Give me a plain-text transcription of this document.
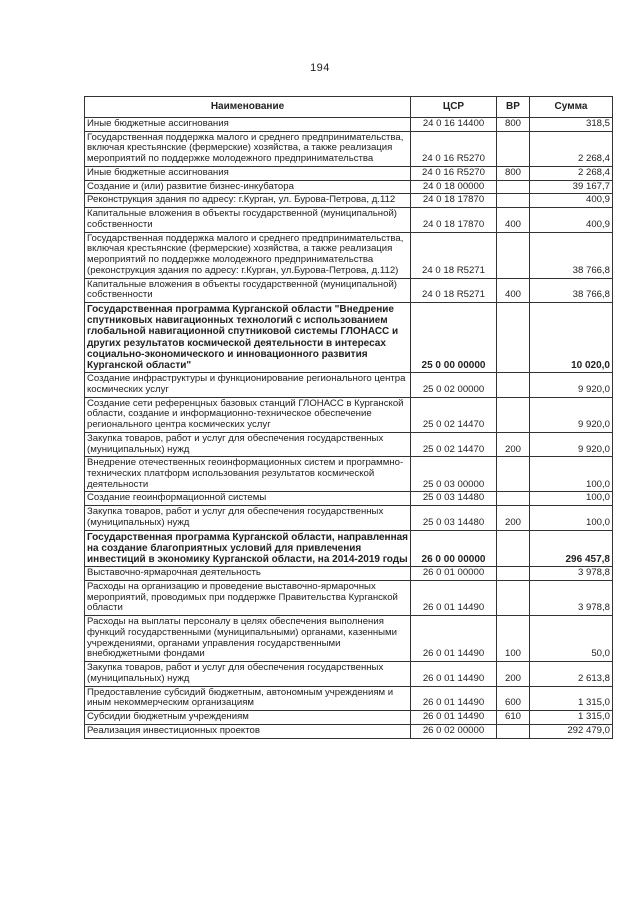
194
Наименование	ЦСР	ВР	Сумма
Иные бюджетные ассигнования	24 0 16 14400	800	318,5
Государственная поддержка малого и среднего предпринимательства, включая крестьянские (фермерские) хозяйства, а также реализация мероприятий по поддержке молодежного предпринимательства	24 0 16 R5270		2 268,4
Иные бюджетные ассигнования	24 0 16 R5270	800	2 268,4
Создание и (или) развитие бизнес-инкубатора	24 0 18 00000		39 167,7
Реконструкция здания по адресу: г.Курган, ул. Бурова-Петрова, д.112	24 0 18 17870		400,9
Капитальные вложения в объекты государственной (муниципальной) собственности	24 0 18 17870	400	400,9
Государственная поддержка малого и среднего предпринимательства, включая крестьянские (фермерские) хозяйства, а также реализация мероприятий по поддержке молодежного предпринимательства (реконструкция здания по адресу: г.Курган, ул.Бурова-Петрова, д.112)	24 0 18 R5271		38 766,8
Капитальные вложения в объекты государственной (муниципальной) собственности	24 0 18 R5271	400	38 766,8
Государственная программа Курганской области "Внедрение спутниковых навигационных технологий с использованием глобальной навигационной спутниковой системы ГЛОНАСС и других результатов космической деятельности в интересах социально-экономического и инновационного развития Курганской области"	25 0 00 00000		10 020,0
Создание инфраструктуры и функционирование регионального центра космических услуг	25 0 02 00000		9 920,0
Создание сети референцных базовых станций ГЛОНАСС в Курганской области, создание и информационно-техническое обеспечение регионального центра космических услуг	25 0 02 14470		9 920,0
Закупка товаров, работ и услуг для обеспечения государственных (муниципальных) нужд	25 0 02 14470	200	9 920,0
Внедрение отечественных геоинформационных систем и программно-технических платформ использования результатов космической деятельности	25 0 03 00000		100,0
Создание геоинформационной системы	25 0 03 14480		100,0
Закупка товаров, работ и услуг для обеспечения государственных (муниципальных) нужд	25 0 03 14480	200	100,0
Государственная программа Курганской области, направленная на создание благоприятных условий для привлечения инвестиций в экономику Курганской области, на 2014-2019 годы	26 0 00 00000		296 457,8
Выставочно-ярмарочная деятельность	26 0 01 00000		3 978,8
Расходы на организацию и проведение выставочно-ярмарочных мероприятий, проводимых при поддержке Правительства Курганской области	26 0 01 14490		3 978,8
Расходы на выплаты персоналу в целях обеспечения выполнения функций государственными (муниципальными) органами, казенными учреждениями, органами управления государственными внебюджетными фондами	26 0 01 14490	100	50,0
Закупка товаров, работ и услуг для обеспечения государственных (муниципальных) нужд	26 0 01 14490	200	2 613,8
Предоставление субсидий бюджетным, автономным учреждениям и иным некоммерческим организациям	26 0 01 14490	600	1 315,0
Субсидии бюджетным учреждениям	26 0 01 14490	610	1 315,0
Реализация инвестиционных проектов	26 0 02 00000		292 479,0
